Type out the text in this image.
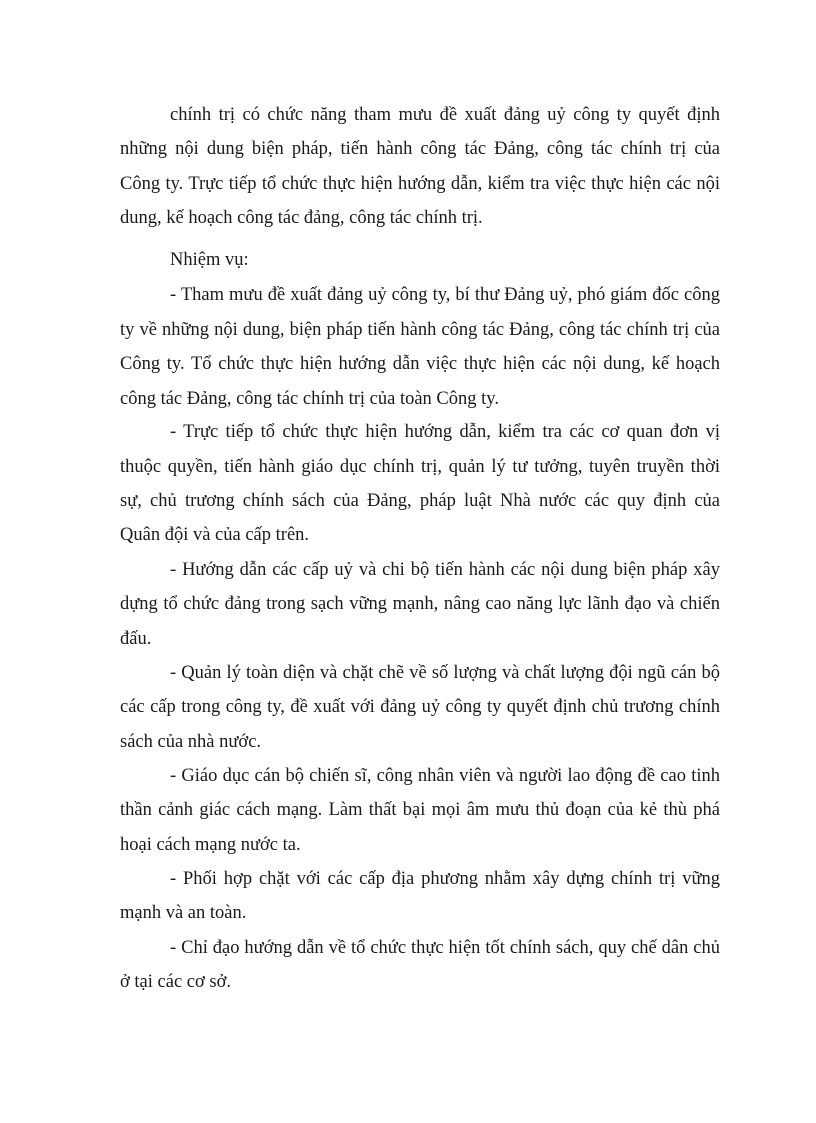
chính trị có chức năng tham mưu đề xuất đảng uỷ công ty quyết định
những nội dung biện pháp, tiến hành công tác Đảng, công tác chính trị của
Công ty. Trực tiếp tổ chức thực hiện hướng dẫn, kiểm tra việc thực hiện các nội
dung, kế hoạch công tác đảng, công tác chính trị.
Nhiệm vụ:
- Tham mưu đề xuất đảng uỷ công ty, bí thư Đảng uỷ, phó giám đốc công
ty về những nội dung, biện pháp tiến hành công tác Đảng, công tác chính trị của
Công ty. Tổ chức thực hiện hướng dẫn việc thực hiện các nội dung, kế hoạch
công tác Đảng, công tác chính trị của toàn Công ty.
- Trực tiếp tổ chức thực hiện hướng dẫn, kiểm tra các cơ quan đơn vị
thuộc quyền, tiến hành giáo dục chính trị, quản lý tư tưởng, tuyên truyền thời
sự, chủ trương chính sách của Đảng, pháp luật Nhà nước các quy định của
Quân đội và của cấp trên.
- Hướng dẫn các cấp uỷ và chi bộ tiến hành các nội dung biện pháp xây
dựng tổ chức đảng trong sạch vững mạnh, nâng cao năng lực lãnh đạo và chiến
đấu.
- Quản lý toàn diện và chặt chẽ về số lượng và chất lượng đội ngũ cán bộ
các cấp trong công ty, đề xuất với đảng uỷ công ty quyết định chủ trương chính
sách của nhà nước.
- Giáo dục cán bộ chiến sĩ, công nhân viên và người lao động đề cao tinh
thần cảnh giác cách mạng. Làm thất bại mọi âm mưu thủ đoạn của kẻ thù phá
hoại cách mạng nước ta.
- Phối hợp chặt với các cấp địa phương nhằm xây dựng chính trị vững
mạnh và an toàn.
- Chỉ đạo hướng dẫn về tổ chức thực hiện tốt chính sách, quy chế dân chủ
ở tại các cơ sở.
